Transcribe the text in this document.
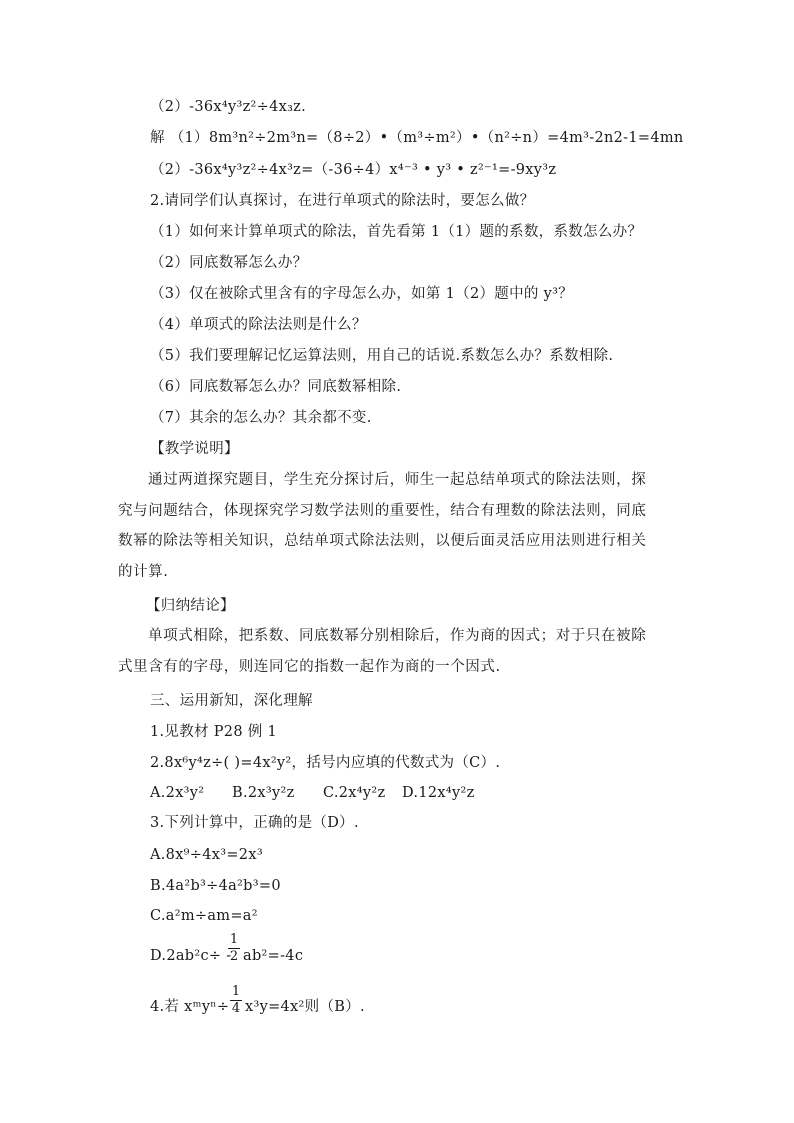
（2）-36x⁴y³z²÷4x₃z.
解 （1）8m³n²÷2m³n=（8÷2）•（m³÷m²）•（n²÷n）=4m³-2n2-1=4mn
（2）-36x⁴y³z²÷4x³z=（-36÷4）x⁴⁻³ • y³ • z²⁻¹=-9xy³z
2.请同学们认真探讨，在进行单项式的除法时，要怎么做？
（1）如何来计算单项式的除法，首先看第 1（1）题的系数，系数怎么办？
（2）同底数幂怎么办？
（3）仅在被除式里含有的字母怎么办，如第 1（2）题中的 y³？
（4）单项式的除法法则是什么？
（5）我们要理解记忆运算法则，用自己的话说.系数怎么办？系数相除.
（6）同底数幂怎么办？同底数幂相除.
（7）其余的怎么办？其余都不变.
【教学说明】
通过两道探究题目，学生充分探讨后，师生一起总结单项式的除法法则，探
究与问题结合，体现探究学习数学法则的重要性，结合有理数的除法法则，同底
数幂的除法等相关知识，总结单项式除法法则，以便后面灵活应用法则进行相关
的计算.
【归纳结论】
单项式相除，把系数、同底数幂分别相除后，作为商的因式；对于只在被除
式里含有的字母，则连同它的指数一起作为商的一个因式.
三、运用新知，深化理解
1.见教材 P28 例 1
2.8x⁶y⁴z÷( )=4x²y²，括号内应填的代数式为（C）.
A.2x³y² B.2x³y²z C.2x⁴y²z D.12x⁴y²z
3.下列计算中，正确的是（D）.
A.8x⁹÷4x³=2x³
B.4a²b³÷4a²b³=0
C.a²m÷am=a²
D.2ab²c÷ -
1
2 ab²=-4c
4.若 xᵐyⁿ÷
1
4 x³y=4x²则（B）.
